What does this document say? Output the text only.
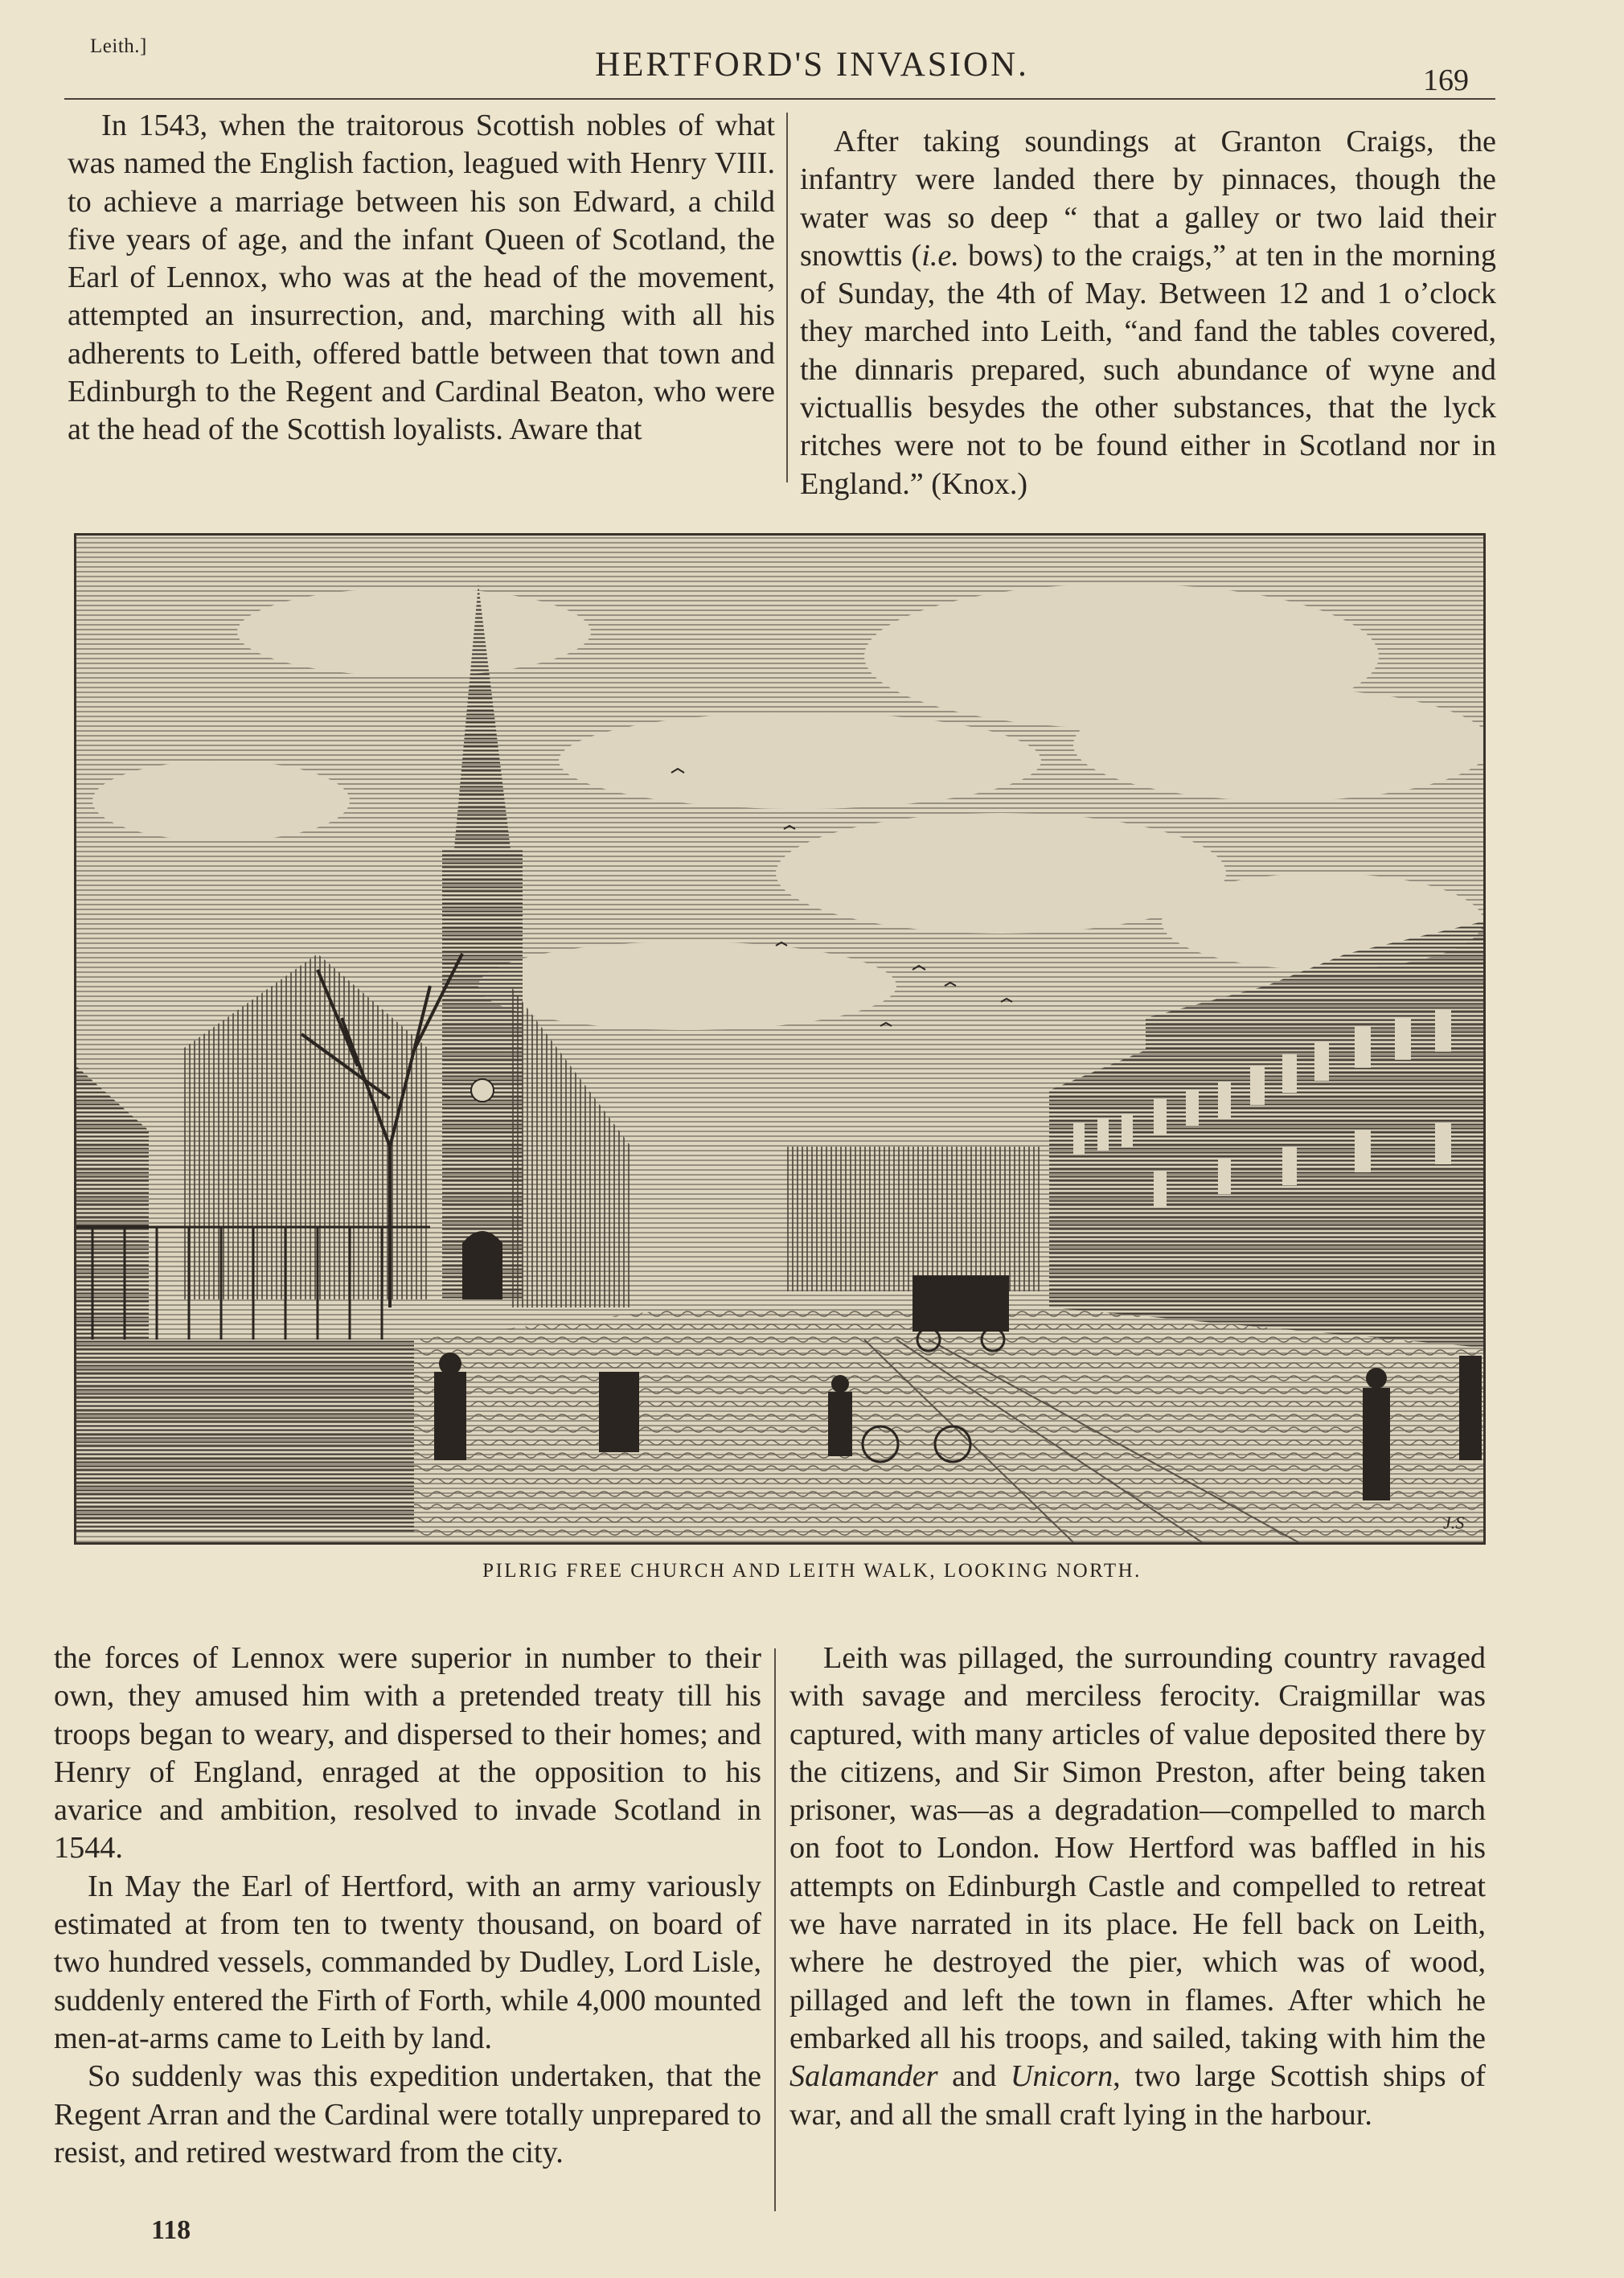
Leith.]	HERTFORD'S INVASION.	169

In 1543, when the traitorous Scottish nobles of what was named the English faction, leagued with Henry VIII. to achieve a marriage between his son Edward, a child five years of age, and the infant Queen of Scotland, the Earl of Lennox, who was at the head of the movement, attempted an insurrection, and, marching with all his adherents to Leith, offered battle between that town and Edinburgh to the Regent and Cardinal Beaton, who were at the head of the Scottish loyalists. Aware that

After taking soundings at Granton Craigs, the infantry were landed there by pinnaces, though the water was so deep “ that a galley or two laid their snowttis (i.e. bows) to the craigs,” at ten in the morning of Sunday, the 4th of May. Between 12 and 1 o’clock they marched into Leith, “and fand the tables covered, the dinnaris prepared, such abundance of wyne and victuallis besydes the other substances, that the lyck ritches were not to be found either in Scotland nor in England.” (Knox.)

J.S
PILRIG FREE CHURCH AND LEITH WALK, LOOKING NORTH.

the forces of Lennox were superior in number to their own, they amused him with a pretended treaty till his troops began to weary, and dispersed to their homes; and Henry of England, enraged at the opposition to his avarice and ambition, resolved to invade Scotland in 1544.

In May the Earl of Hertford, with an army variously estimated at from ten to twenty thousand, on board of two hundred vessels, commanded by Dudley, Lord Lisle, suddenly entered the Firth of Forth, while 4,000 mounted men-at-arms came to Leith by land.

So suddenly was this expedition undertaken, that the Regent Arran and the Cardinal were totally unprepared to resist, and retired westward from the city.

Leith was pillaged, the surrounding country ravaged with savage and merciless ferocity. Craigmillar was captured, with many articles of value deposited there by the citizens, and Sir Simon Preston, after being taken prisoner, was—as a degradation—compelled to march on foot to London. How Hertford was baffled in his attempts on Edinburgh Castle and compelled to retreat we have narrated in its place. He fell back on Leith, where he destroyed the pier, which was of wood, pillaged and left the town in flames. After which he embarked all his troops, and sailed, taking with him the Salamander and Unicorn, two large Scottish ships of war, and all the small craft lying in the harbour.

118
